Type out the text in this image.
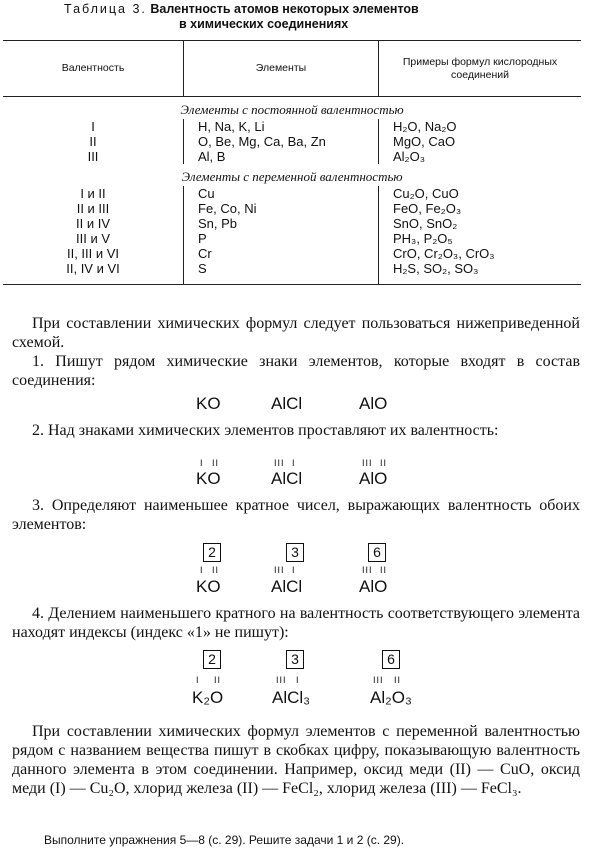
Таблица 3. Валентность атомов некоторых элементов
в химических соединениях
Валентность	Элементы	Примеры формул кислородных соединений
Элементы с постоянной валентностью		
I	H, Na, K, Li	H₂O, Na₂O
II	O, Be, Mg, Ca, Ba, Zn	MgO, CaO
III	Al, B	Al₂O₃
Элементы с переменной валентностью		
I и II	Cu	Cu₂O, CuO
II и III	Fe, Co, Ni	FeO, Fe₂O₃
II и IV	Sn, Pb	SnO, SnO₂
III и V	P	PH₃, P₂O₅
II, III и VI	Cr	CrO, Cr₂O₃, CrO₃
II, IV и VI	S	H₂S, SO₂, SO₃

При составлении химических формул следует пользоваться нижеприведенной схемой.
1. Пишут рядом химические знаки элементов, которые входят в состав соединения:
KO	AlCl	AlO
2. Над знаками химических элементов проставляют их валентность:
I II	III I	III II
KO	AlCl	AlO
3. Определяют наименьшее кратное чисел, выражающих валентность обоих элементов:
2	3	6
I II	III I	III II
KO	AlCl	AlO
4. Делением наименьшего кратного на валентность соответствующего элемента находят индексы (индекс «1» не пишут):
2	3	6
I II	III I	III II
K₂O	AlCl₃	Al₂O₃
При составлении химических формул элементов с переменной валентностью рядом с названием вещества пишут в скобках цифру, показывающую валентность данного элемента в этом соединении. Например, оксид меди (II) — CuO, оксид меди (I) — Cu₂O, хлорид железа (II) — FeCl₂, хлорид железа (III) — FeCl₃.
Выполните упражнения 5—8 (с. 29). Решите задачи 1 и 2 (с. 29).
